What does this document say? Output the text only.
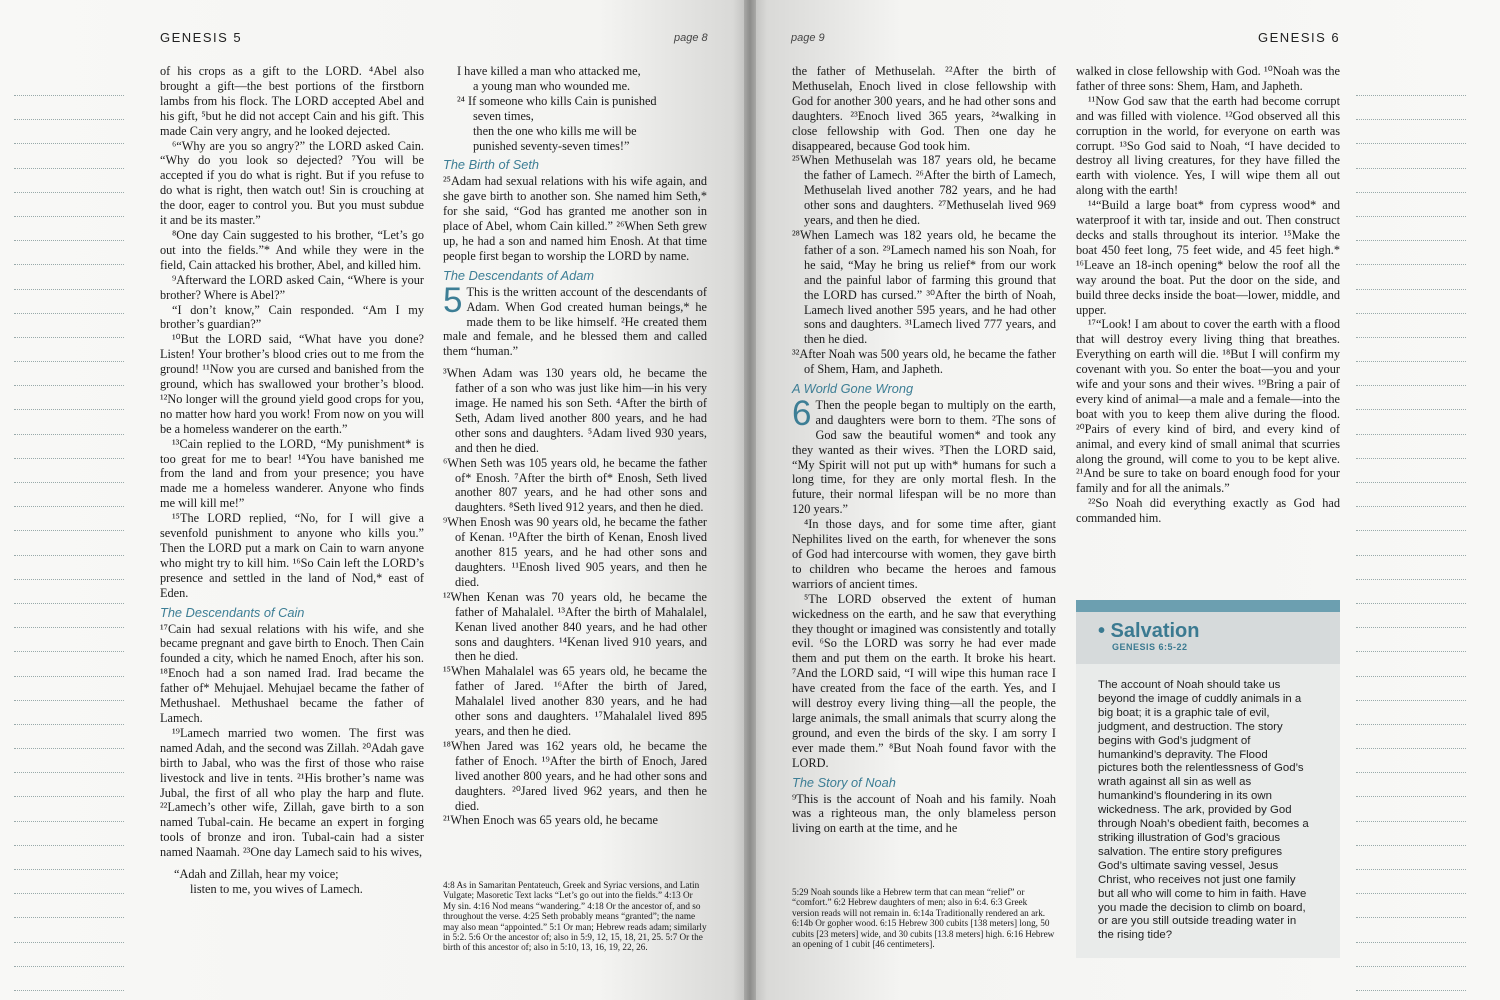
GENESIS 5	page 8

of his crops as a gift to the LORD. ⁴Abel also brought a gift—the best portions of the firstborn lambs from his flock. The LORD accepted Abel and his gift, ⁵but he did not accept Cain and his gift. This made Cain very angry, and he looked dejected.

⁶“Why are you so angry?” the LORD asked Cain. “Why do you look so dejected? ⁷You will be accepted if you do what is right. But if you refuse to do what is right, then watch out! Sin is crouching at the door, eager to control you. But you must subdue it and be its master.”

⁸One day Cain suggested to his brother, “Let’s go out into the fields.”* And while they were in the field, Cain attacked his brother, Abel, and killed him.

⁹Afterward the LORD asked Cain, “Where is your brother? Where is Abel?”

“I don’t know,” Cain responded. “Am I my brother’s guardian?”

¹⁰But the LORD said, “What have you done? Listen! Your brother’s blood cries out to me from the ground! ¹¹Now you are cursed and banished from the ground, which has swallowed your brother’s blood. ¹²No longer will the ground yield good crops for you, no matter how hard you work! From now on you will be a homeless wanderer on the earth.”

¹³Cain replied to the LORD, “My punishment* is too great for me to bear! ¹⁴You have banished me from the land and from your presence; you have made me a homeless wanderer. Anyone who finds me will kill me!”

¹⁵The LORD replied, “No, for I will give a sevenfold punishment to anyone who kills you.” Then the LORD put a mark on Cain to warn anyone who might try to kill him. ¹⁶So Cain left the LORD’s presence and settled in the land of Nod,* east of Eden.

The Descendants of Cain

¹⁷Cain had sexual relations with his wife, and she became pregnant and gave birth to Enoch. Then Cain founded a city, which he named Enoch, after his son. ¹⁸Enoch had a son named Irad. Irad became the father of* Mehujael. Mehujael became the father of Methushael. Methushael became the father of Lamech.

¹⁹Lamech married two women. The first was named Adah, and the second was Zillah. ²⁰Adah gave birth to Jabal, who was the first of those who raise livestock and live in tents. ²¹His brother’s name was Jubal, the first of all who play the harp and flute. ²²Lamech’s other wife, Zillah, gave birth to a son named Tubal-cain. He became an expert in forging tools of bronze and iron. Tubal-cain had a sister named Naamah. ²³One day Lamech said to his wives,

“Adah and Zillah, hear my voice;

listen to me, you wives of Lamech.

I have killed a man who attacked me,

a young man who wounded me.

²⁴ If someone who kills Cain is punished

seven times,

then the one who kills me will be

punished seventy-seven times!”

The Birth of Seth

²⁵Adam had sexual relations with his wife again, and she gave birth to another son. She named him Seth,* for she said, “God has granted me another son in place of Abel, whom Cain killed.” ²⁶When Seth grew up, he had a son and named him Enosh. At that time people first began to worship the LORD by name.

The Descendants of Adam

5 This is the written account of the descendants of Adam. When God created human beings,* he made them to be like himself. ²He created them male and female, and he blessed them and called them “human.”

³When Adam was 130 years old, he became the father of a son who was just like him—in his very image. He named his son Seth. ⁴After the birth of Seth, Adam lived another 800 years, and he had other sons and daughters. ⁵Adam lived 930 years, and then he died.

⁶When Seth was 105 years old, he became the father of* Enosh. ⁷After the birth of* Enosh, Seth lived another 807 years, and he had other sons and daughters. ⁸Seth lived 912 years, and then he died.

⁹When Enosh was 90 years old, he became the father of Kenan. ¹⁰After the birth of Kenan, Enosh lived another 815 years, and he had other sons and daughters. ¹¹Enosh lived 905 years, and then he died.

¹²When Kenan was 70 years old, he became the father of Mahalalel. ¹³After the birth of Mahalalel, Kenan lived another 840 years, and he had other sons and daughters. ¹⁴Kenan lived 910 years, and then he died.

¹⁵When Mahalalel was 65 years old, he became the father of Jared. ¹⁶After the birth of Jared, Mahalalel lived another 830 years, and he had other sons and daughters. ¹⁷Mahalalel lived 895 years, and then he died.

¹⁸When Jared was 162 years old, he became the father of Enoch. ¹⁹After the birth of Enoch, Jared lived another 800 years, and he had other sons and daughters. ²⁰Jared lived 962 years, and then he died.

²¹When Enoch was 65 years old, he became

4:8 As in Samaritan Pentateuch, Greek and Syriac versions, and Latin Vulgate; Masoretic Text lacks “Let’s go out into the fields.” 4:13 Or My sin. 4:16 Nod means “wandering.” 4:18 Or the ancestor of, and so throughout the verse. 4:25 Seth probably means “granted”; the name may also mean “appointed.” 5:1 Or man; Hebrew reads adam; similarly in 5:2. 5:6 Or the ancestor of; also in 5:9, 12, 15, 18, 21, 25. 5:7 Or the birth of this ancestor of; also in 5:10, 13, 16, 19, 22, 26.
page 9	GENESIS 6

the father of Methuselah. ²²After the birth of Methuselah, Enoch lived in close fellowship with God for another 300 years, and he had other sons and daughters. ²³Enoch lived 365 years, ²⁴walking in close fellowship with God. Then one day he disappeared, because God took him.

²⁵When Methuselah was 187 years old, he became the father of Lamech. ²⁶After the birth of Lamech, Methuselah lived another 782 years, and he had other sons and daughters. ²⁷Methuselah lived 969 years, and then he died.

²⁸When Lamech was 182 years old, he became the father of a son. ²⁹Lamech named his son Noah, for he said, “May he bring us relief* from our work and the painful labor of farming this ground that the LORD has cursed.” ³⁰After the birth of Noah, Lamech lived another 595 years, and he had other sons and daughters. ³¹Lamech lived 777 years, and then he died.

³²After Noah was 500 years old, he became the father of Shem, Ham, and Japheth.

A World Gone Wrong

6 Then the people began to multiply on the earth, and daughters were born to them. ²The sons of God saw the beautiful women* and took any they wanted as their wives. ³Then the LORD said, “My Spirit will not put up with* humans for such a long time, for they are only mortal flesh. In the future, their normal lifespan will be no more than 120 years.”

⁴In those days, and for some time after, giant Nephilites lived on the earth, for whenever the sons of God had intercourse with women, they gave birth to children who became the heroes and famous warriors of ancient times.

⁵The LORD observed the extent of human wickedness on the earth, and he saw that everything they thought or imagined was consistently and totally evil. ⁶So the LORD was sorry he had ever made them and put them on the earth. It broke his heart. ⁷And the LORD said, “I will wipe this human race I have created from the face of the earth. Yes, and I will destroy every living thing—all the people, the large animals, the small animals that scurry along the ground, and even the birds of the sky. I am sorry I ever made them.” ⁸But Noah found favor with the LORD.

The Story of Noah

⁹This is the account of Noah and his family. Noah was a righteous man, the only blameless person living on earth at the time, and he

walked in close fellowship with God. ¹⁰Noah was the father of three sons: Shem, Ham, and Japheth.

¹¹Now God saw that the earth had become corrupt and was filled with violence. ¹²God observed all this corruption in the world, for everyone on earth was corrupt. ¹³So God said to Noah, “I have decided to destroy all living creatures, for they have filled the earth with violence. Yes, I will wipe them all out along with the earth!

¹⁴“Build a large boat* from cypress wood* and waterproof it with tar, inside and out. Then construct decks and stalls throughout its interior. ¹⁵Make the boat 450 feet long, 75 feet wide, and 45 feet high.* ¹⁶Leave an 18-inch opening* below the roof all the way around the boat. Put the door on the side, and build three decks inside the boat—lower, middle, and upper.

¹⁷“Look! I am about to cover the earth with a flood that will destroy every living thing that breathes. Everything on earth will die. ¹⁸But I will confirm my covenant with you. So enter the boat—you and your wife and your sons and their wives. ¹⁹Bring a pair of every kind of animal—a male and a female—into the boat with you to keep them alive during the flood. ²⁰Pairs of every kind of bird, and every kind of animal, and every kind of small animal that scurries along the ground, will come to you to be kept alive. ²¹And be sure to take on board enough food for your family and for all the animals.”

²²So Noah did everything exactly as God had commanded him.

5:29 Noah sounds like a Hebrew term that can mean “relief” or “comfort.” 6:2 Hebrew daughters of men; also in 6:4. 6:3 Greek version reads will not remain in. 6:14a Traditionally rendered an ark. 6:14b Or gopher wood. 6:15 Hebrew 300 cubits [138 meters] long, 50 cubits [23 meters] wide, and 30 cubits [13.8 meters] high. 6:16 Hebrew an opening of 1 cubit [46 centimeters].
• Salvation
GENESIS 6:5-22
The account of Noah should take us beyond the image of cuddly animals in a big boat; it is a graphic tale of evil, judgment, and destruction. The story begins with God’s judgment of humankind’s depravity. The Flood pictures both the relentlessness of God’s wrath against all sin as well as humankind’s floundering in its own wickedness. The ark, provided by God through Noah’s obedient faith, becomes a striking illustration of God’s gracious salvation. The entire story prefigures God’s ultimate saving vessel, Jesus Christ, who receives not just one family but all who will come to him in faith. Have you made the decision to climb on board, or are you still outside treading water in the rising tide?
